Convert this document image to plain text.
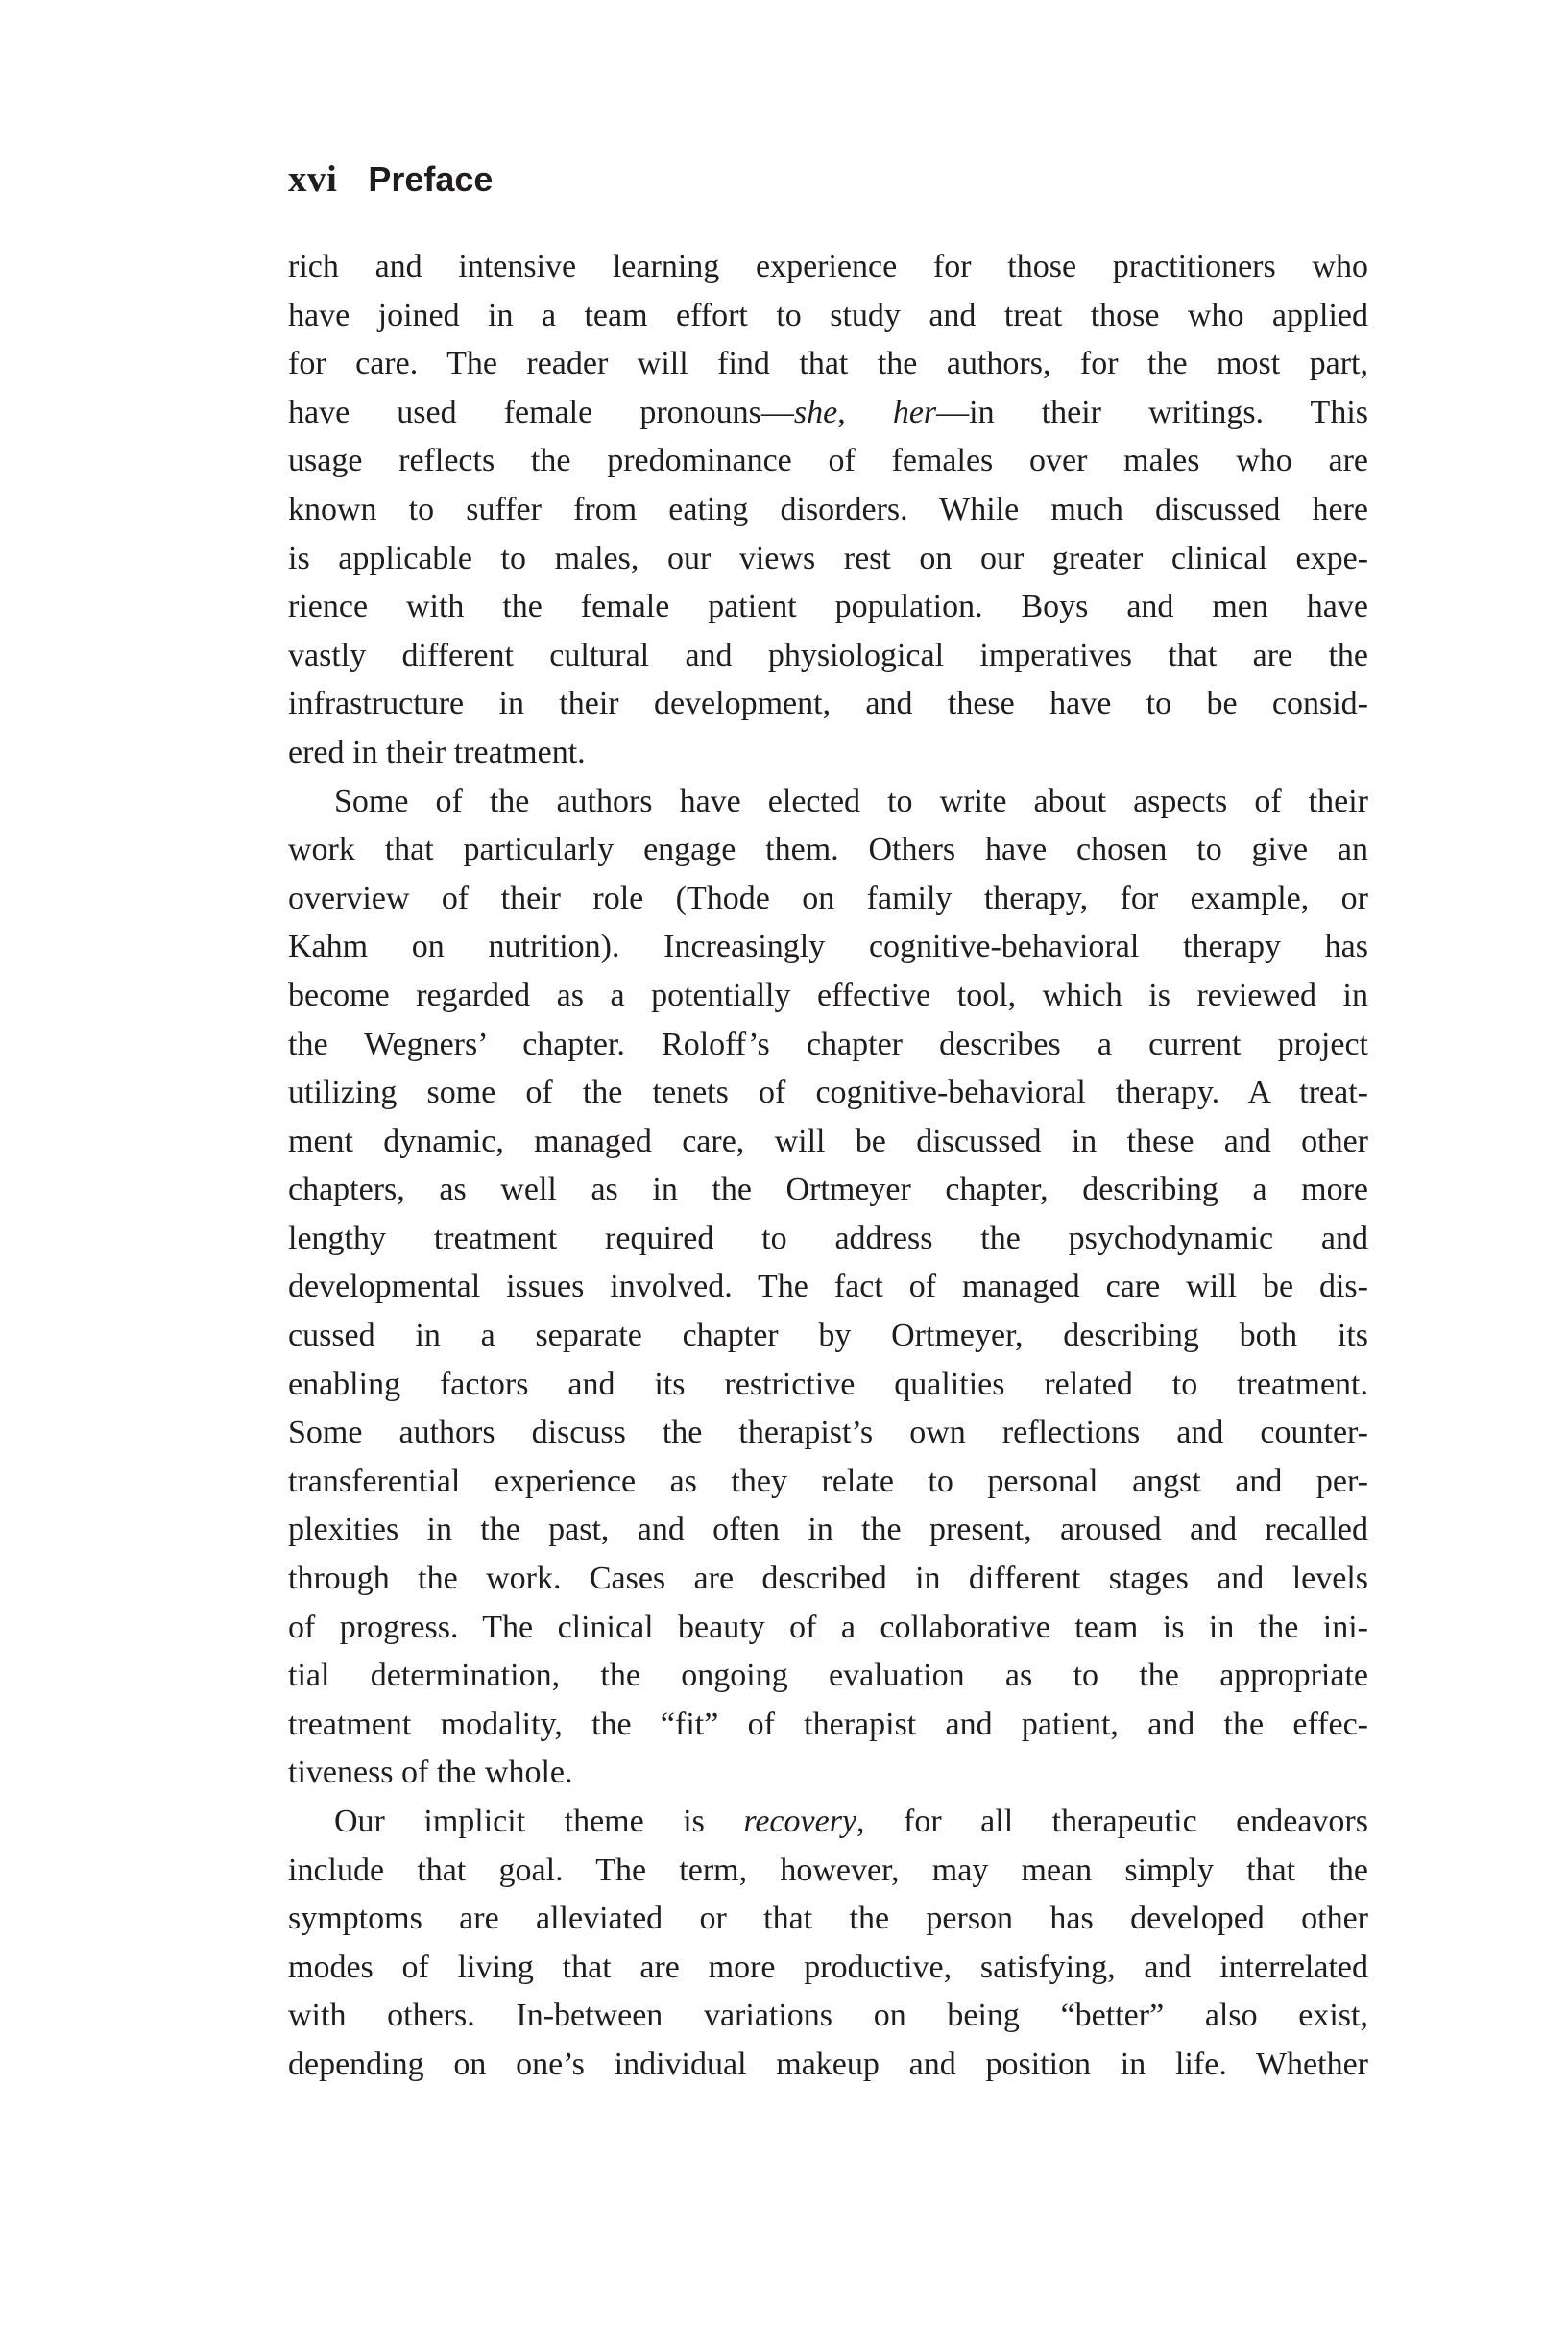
xvi Preface
rich and intensive learning experience for those practitioners who
have joined in a team effort to study and treat those who applied
for care. The reader will find that the authors, for the most part,
have used female pronouns—she, her—in their writings. This
usage reflects the predominance of females over males who are
known to suffer from eating disorders. While much discussed here
is applicable to males, our views rest on our greater clinical expe-
rience with the female patient population. Boys and men have
vastly different cultural and physiological imperatives that are the
infrastructure in their development, and these have to be consid-
ered in their treatment.
Some of the authors have elected to write about aspects of their
work that particularly engage them. Others have chosen to give an
overview of their role (Thode on family therapy, for example, or
Kahm on nutrition). Increasingly cognitive-behavioral therapy has
become regarded as a potentially effective tool, which is reviewed in
the Wegners’ chapter. Roloff’s chapter describes a current project
utilizing some of the tenets of cognitive-behavioral therapy. A treat-
ment dynamic, managed care, will be discussed in these and other
chapters, as well as in the Ortmeyer chapter, describing a more
lengthy treatment required to address the psychodynamic and
developmental issues involved. The fact of managed care will be dis-
cussed in a separate chapter by Ortmeyer, describing both its
enabling factors and its restrictive qualities related to treatment.
Some authors discuss the therapist’s own reflections and counter-
transferential experience as they relate to personal angst and per-
plexities in the past, and often in the present, aroused and recalled
through the work. Cases are described in different stages and levels
of progress. The clinical beauty of a collaborative team is in the ini-
tial determination, the ongoing evaluation as to the appropriate
treatment modality, the “fit” of therapist and patient, and the effec-
tiveness of the whole.
Our implicit theme is recovery, for all therapeutic endeavors
include that goal. The term, however, may mean simply that the
symptoms are alleviated or that the person has developed other
modes of living that are more productive, satisfying, and interrelated
with others. In-between variations on being “better” also exist,
depending on one’s individual makeup and position in life. Whether
